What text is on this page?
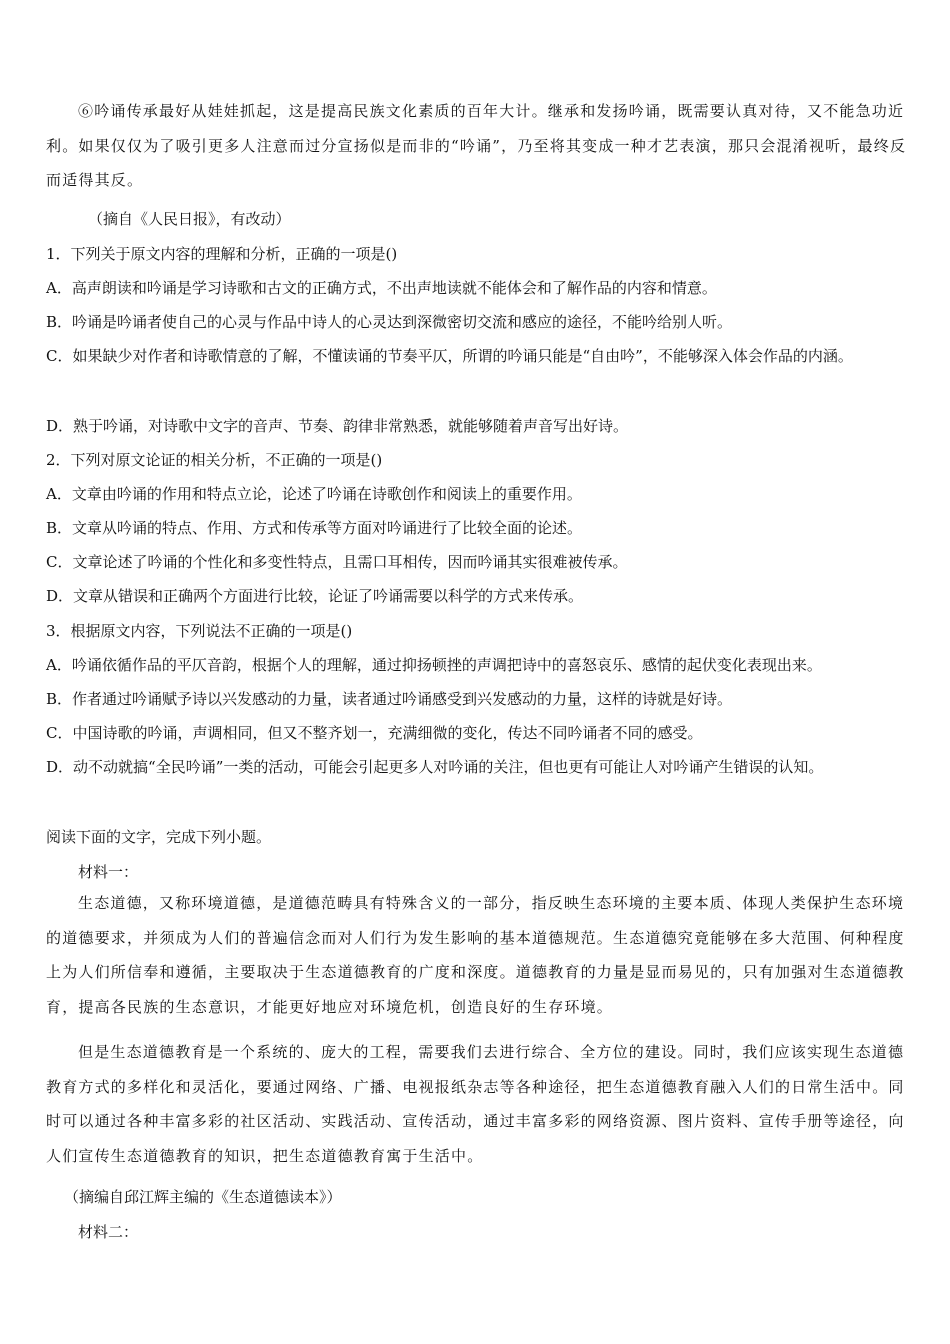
⑥吟诵传承最好从娃娃抓起，这是提高民族文化素质的百年大计。继承和发扬吟诵，既需要认真对待，又不能急功近利。如果仅仅为了吸引更多人注意而过分宣扬似是而非的“吟诵”，乃至将其变成一种才艺表演，那只会混淆视听，最终反而适得其反。

（摘自《人民日报》，有改动）

1．下列关于原文内容的理解和分析，正确的一项是()

A．高声朗读和吟诵是学习诗歌和古文的正确方式，不出声地读就不能体会和了解作品的内容和情意。

B．吟诵是吟诵者使自己的心灵与作品中诗人的心灵达到深微密切交流和感应的途径，不能吟给别人听。

C．如果缺少对作者和诗歌情意的了解，不懂读诵的节奏平仄，所谓的吟诵只能是“自由吟”，不能够深入体会作品的内涵。

D．熟于吟诵，对诗歌中文字的音声、节奏、韵律非常熟悉，就能够随着声音写出好诗。

2．下列对原文论证的相关分析，不正确的一项是()

A．文章由吟诵的作用和特点立论，论述了吟诵在诗歌创作和阅读上的重要作用。

B．文章从吟诵的特点、作用、方式和传承等方面对吟诵进行了比较全面的论述。

C．文章论述了吟诵的个性化和多变性特点，且需口耳相传，因而吟诵其实很难被传承。

D．文章从错误和正确两个方面进行比较，论证了吟诵需要以科学的方式来传承。

3．根据原文内容，下列说法不正确的一项是()

A．吟诵依循作品的平仄音韵，根据个人的理解，通过抑扬顿挫的声调把诗中的喜怒哀乐、感情的起伏变化表现出来。

B．作者通过吟诵赋予诗以兴发感动的力量，读者通过吟诵感受到兴发感动的力量，这样的诗就是好诗。

C．中国诗歌的吟诵，声调相同，但又不整齐划一，充满细微的变化，传达不同吟诵者不同的感受。

D．动不动就搞“全民吟诵”一类的活动，可能会引起更多人对吟诵的关注，但也更有可能让人对吟诵产生错误的认知。

阅读下面的文字，完成下列小题。

材料一：

生态道德，又称环境道德，是道德范畴具有特殊含义的一部分，指反映生态环境的主要本质、体现人类保护生态环境的道德要求，并须成为人们的普遍信念而对人们行为发生影响的基本道德规范。生态道德究竟能够在多大范围、何种程度上为人们所信奉和遵循，主要取决于生态道德教育的广度和深度。道德教育的力量是显而易见的，只有加强对生态道德教育，提高各民族的生态意识，才能更好地应对环境危机，创造良好的生存环境。

但是生态道德教育是一个系统的、庞大的工程，需要我们去进行综合、全方位的建设。同时，我们应该实现生态道德教育方式的多样化和灵活化，要通过网络、广播、电视报纸杂志等各种途径，把生态道德教育融入人们的日常生活中。同时可以通过各种丰富多彩的社区活动、实践活动、宣传活动，通过丰富多彩的网络资源、图片资料、宣传手册等途径，向人们宣传生态道德教育的知识，把生态道德教育寓于生活中。

（摘编自邱江辉主编的《生态道德读本》）

材料二：
